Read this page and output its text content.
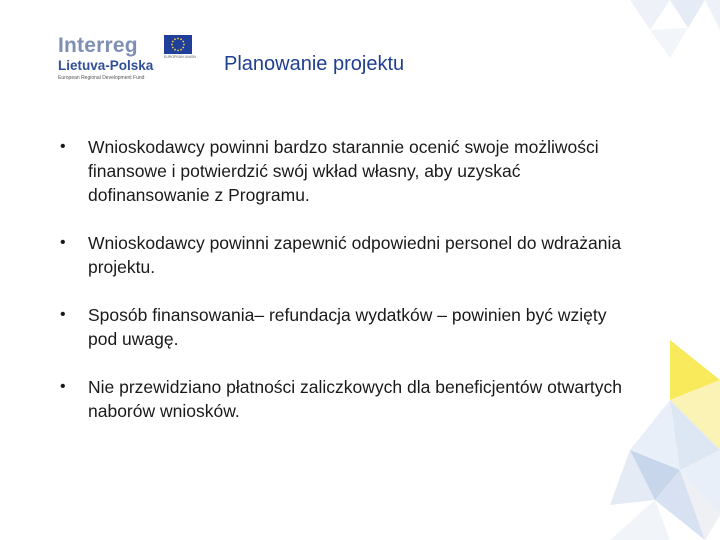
Interreg	EUROPEAN UNION
Lietuva-Polska
European Regional Development Fund
Planowanie projektu
• Wnioskodawcy powinni bardzo starannie ocenić swoje możliwości finansowe i potwierdzić swój wkład własny, aby uzyskać dofinansowanie z Programu.
• Wnioskodawcy powinni zapewnić odpowiedni personel do wdrażania projektu.
• Sposób finansowania– refundacja wydatków – powinien być wzięty pod uwagę.
• Nie przewidziano płatności zaliczkowych dla beneficjentów otwartych naborów wniosków.
